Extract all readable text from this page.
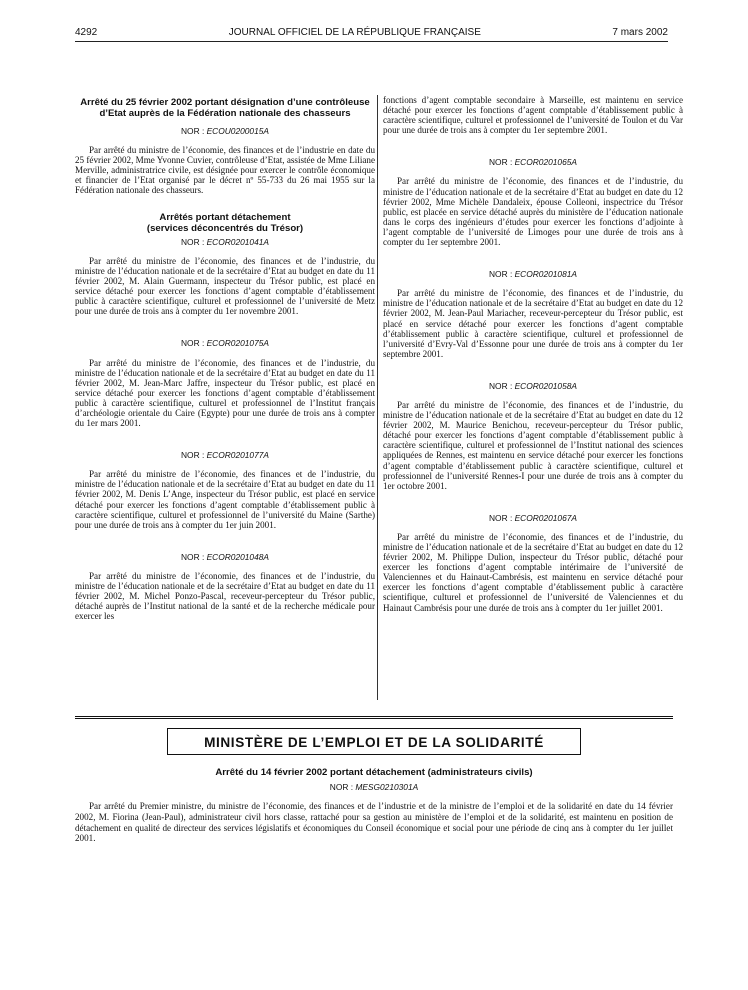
4292	JOURNAL OFFICIEL DE LA RÉPUBLIQUE FRANÇAISE	7 mars 2002

Arrêté du 25 février 2002 portant désignation d’une contrôleuse d’Etat auprès de la Fédération nationale des chasseurs

NOR : ECOU0200015A

Par arrêté du ministre de l’économie, des finances et de l’industrie en date du 25 février 2002, Mme Yvonne Cuvier, contrôleuse d’Etat, assistée de Mme Liliane Merville, administratrice civile, est désignée pour exercer le contrôle économique et financier de l’Etat organisé par le décret nº 55-733 du 26 mai 1955 sur la Fédération nationale des chasseurs.

Arrêtés portant détachement

(services déconcentrés du Trésor)

NOR : ECOR0201041A

Par arrêté du ministre de l’économie, des finances et de l’industrie, du ministre de l’éducation nationale et de la secrétaire d’Etat au budget en date du 11 février 2002, M. Alain Guermann, inspecteur du Trésor public, est placé en service détaché pour exercer les fonctions d’agent comptable d’établissement public à caractère scientifique, culturel et professionnel de l’université de Metz pour une durée de trois ans à compter du 1er novembre 2001.

NOR : ECOR0201075A

Par arrêté du ministre de l’économie, des finances et de l’industrie, du ministre de l’éducation nationale et de la secrétaire d’Etat au budget en date du 11 février 2002, M. Jean-Marc Jaffre, inspecteur du Trésor public, est placé en service détaché pour exercer les fonctions d’agent comptable d’établissement public à caractère scientifique, culturel et professionnel de l’Institut français d’archéologie orientale du Caire (Egypte) pour une durée de trois ans à compter du 1er mars 2001.

NOR : ECOR0201077A

Par arrêté du ministre de l’économie, des finances et de l’industrie, du ministre de l’éducation nationale et de la secrétaire d’Etat au budget en date du 11 février 2002, M. Denis L’Ange, inspecteur du Trésor public, est placé en service détaché pour exercer les fonctions d’agent comptable d’établissement public à caractère scientifique, culturel et professionnel de l’université du Maine (Sarthe) pour une durée de trois ans à compter du 1er juin 2001.

NOR : ECOR0201048A

Par arrêté du ministre de l’économie, des finances et de l’industrie, du ministre de l’éducation nationale et de la secrétaire d’Etat au budget en date du 11 février 2002, M. Michel Ponzo-Pascal, receveur-percepteur du Trésor public, détaché auprès de l’Institut national de la santé et de la recherche médicale pour exercer les

fonctions d’agent comptable secondaire à Marseille, est maintenu en service détaché pour exercer les fonctions d’agent comptable d’établissement public à caractère scientifique, culturel et professionnel de l’université de Toulon et du Var pour une durée de trois ans à compter du 1er septembre 2001.

NOR : ECOR0201065A

Par arrêté du ministre de l’économie, des finances et de l’industrie, du ministre de l’éducation nationale et de la secrétaire d’Etat au budget en date du 12 février 2002, Mme Michèle Dandaleix, épouse Colleoni, inspectrice du Trésor public, est placée en service détaché auprès du ministère de l’éducation nationale dans le corps des ingénieurs d’études pour exercer les fonctions d’adjointe à l’agent comptable de l’université de Limoges pour une durée de trois ans à compter du 1er septembre 2001.

NOR : ECOR0201081A

Par arrêté du ministre de l’économie, des finances et de l’industrie, du ministre de l’éducation nationale et de la secrétaire d’Etat au budget en date du 12 février 2002, M. Jean-Paul Mariacher, receveur-percepteur du Trésor public, est placé en service détaché pour exercer les fonctions d’agent comptable d’établissement public à caractère scientifique, culturel et professionnel de l’université d’Evry-Val d’Essonne pour une durée de trois ans à compter du 1er septembre 2001.

NOR : ECOR0201058A

Par arrêté du ministre de l’économie, des finances et de l’industrie, du ministre de l’éducation nationale et de la secrétaire d’Etat au budget en date du 12 février 2002, M. Maurice Benichou, receveur-percepteur du Trésor public, détaché pour exercer les fonctions d’agent comptable d’établissement public à caractère scientifique, culturel et professionnel de l’Institut national des sciences appliquées de Rennes, est maintenu en service détaché pour exercer les fonctions d’agent comptable d’établissement public à caractère scientifique, culturel et professionnel de l’université Rennes-I pour une durée de trois ans à compter du 1er octobre 2001.

NOR : ECOR0201067A

Par arrêté du ministre de l’économie, des finances et de l’industrie, du ministre de l’éducation nationale et de la secrétaire d’Etat au budget en date du 12 février 2002, M. Philippe Dulion, inspecteur du Trésor public, détaché pour exercer les fonctions d’agent comptable intérimaire de l’université de Valenciennes et du Hainaut-Cambrésis, est maintenu en service détaché pour exercer les fonctions d’agent comptable d’établissement public à caractère scientifique, culturel et professionnel de l’université de Valenciennes et du Hainaut Cambrésis pour une durée de trois ans à compter du 1er juillet 2001.

MINISTÈRE DE L’EMPLOI ET DE LA SOLIDARITÉ

Arrêté du 14 février 2002 portant détachement (administrateurs civils)

NOR : MESG0210301A

Par arrêté du Premier ministre, du ministre de l’économie, des finances et de l’industrie et de la ministre de l’emploi et de la solidarité en date du 14 février 2002, M. Fiorina (Jean-Paul), administrateur civil hors classe, rattaché pour sa gestion au ministère de l’emploi et de la solidarité, est maintenu en position de détachement en qualité de directeur des services législatifs et économiques du Conseil économique et social pour une période de cinq ans à compter du 1er juillet 2001.
